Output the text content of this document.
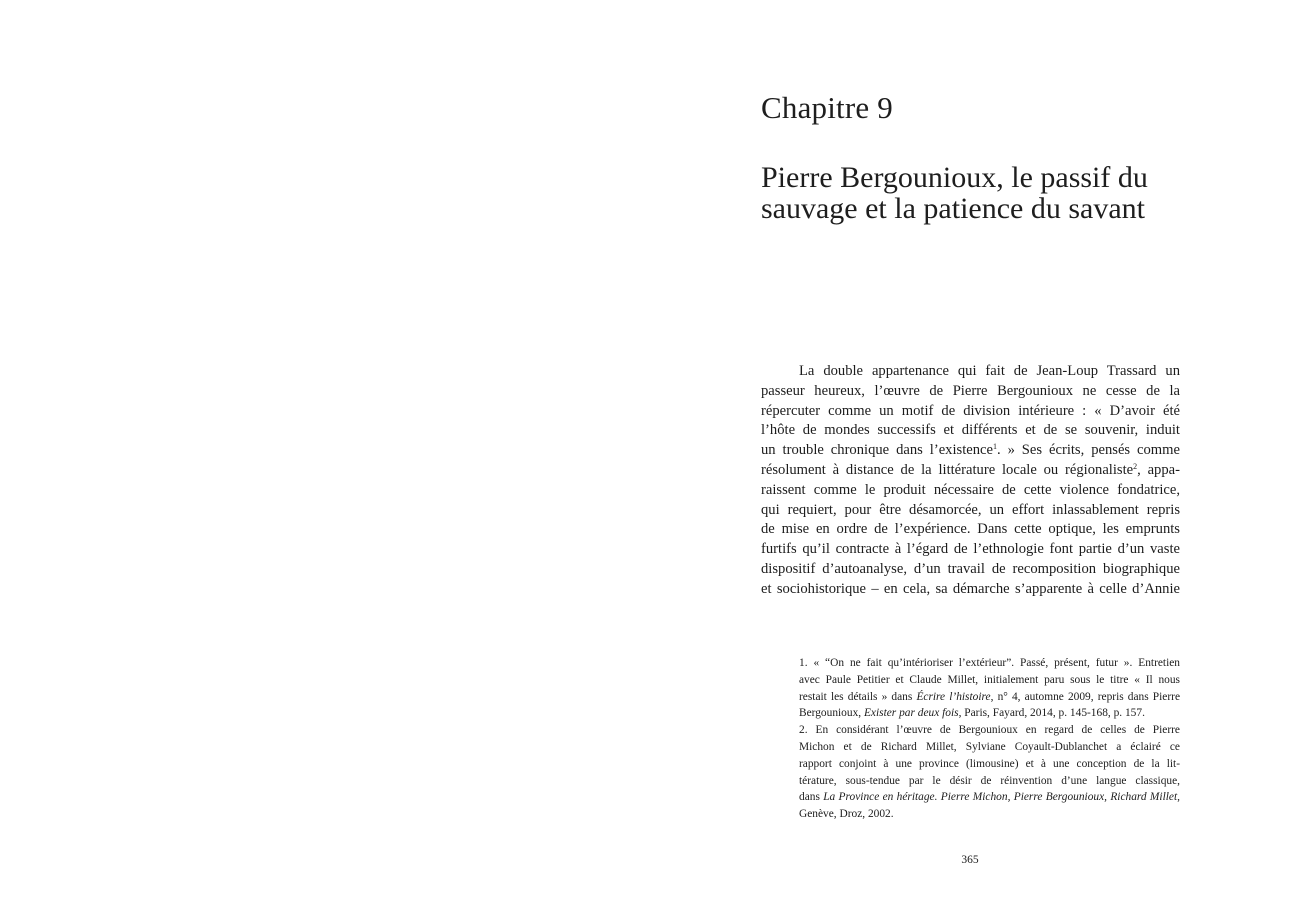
Chapitre 9
Pierre Bergounioux, le passif du
sauvage et la patience du savant
La double appartenance qui fait de Jean-Loup Trassard un
passeur heureux, l’œuvre de Pierre Bergounioux ne cesse de la
répercuter comme un motif de division intérieure : « D’avoir été
l’hôte de mondes successifs et différents et de se souvenir, induit
un trouble chronique dans l’existence$^1$. » Ses écrits, pensés comme
résolument à distance de la littérature locale ou régionaliste$^2$, appa-
raissent comme le produit nécessaire de cette violence fondatrice,
qui requiert, pour être désamorcée, un effort inlassablement repris
de mise en ordre de l’expérience. Dans cette optique, les emprunts
furtifs qu’il contracte à l’égard de l’ethnologie font partie d’un vaste
dispositif d’autoanalyse, d’un travail de recomposition biographique
et sociohistorique – en cela, sa démarche s’apparente à celle d’Annie
1. « “On ne fait qu’intérioriser l’extérieur”. Passé, présent, futur ». Entretien
avec Paule Petitier et Claude Millet, initialement paru sous le titre « Il nous
restait les détails » dans Écrire l’histoire, n° 4, automne 2009, repris dans Pierre
Bergounioux, Exister par deux fois, Paris, Fayard, 2014, p. 145-168, p. 157.
2. En considérant l’œuvre de Bergounioux en regard de celles de Pierre
Michon et de Richard Millet, Sylviane Coyault-Dublanchet a éclairé ce
rapport conjoint à une province (limousine) et à une conception de la lit-
térature, sous-tendue par le désir de réinvention d’une langue classique,
dans La Province en héritage. Pierre Michon, Pierre Bergounioux, Richard Millet,
Genève, Droz, 2002.
365
